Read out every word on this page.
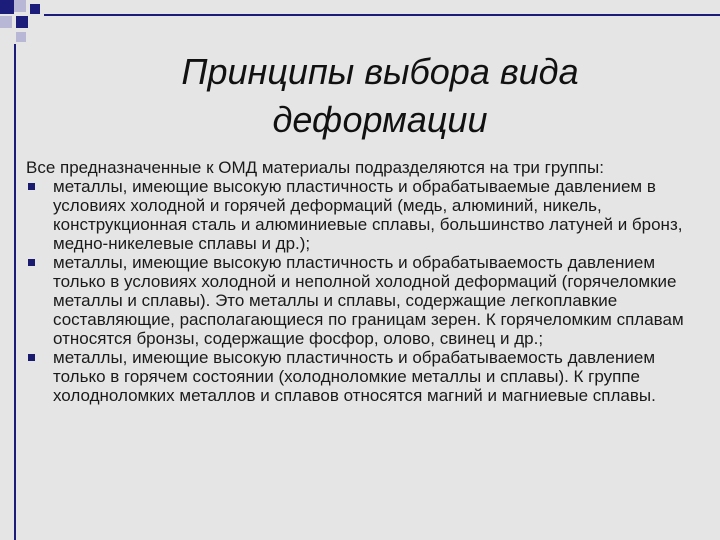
Принципы выбора вида деформации

Все предназначенные к ОМД материалы подразделяются на три группы:

металлы, имеющие высокую пластичность и обрабатываемые давлением в условиях холодной и горячей деформаций (медь, алюминий, никель, конструкционная сталь и алюминиевые сплавы, большинство латуней и бронз, медно-никелевые сплавы и др.);
металлы, имеющие высокую пластичность и обрабатываемость давлением только в условиях холодной и неполной холодной деформаций (горячеломкие металлы и сплавы). Это металлы и сплавы, содержащие легкоплавкие составляющие, располагающиеся по границам зерен. К горячеломким сплавам относятся бронзы, содержащие фосфор, олово, свинец и др.;
металлы, имеющие высокую пластичность и обрабатываемость давлением только в горячем состоянии (холодноломкие металлы и сплавы). К группе холодноломких металлов и сплавов относятся магний и магниевые сплавы.
